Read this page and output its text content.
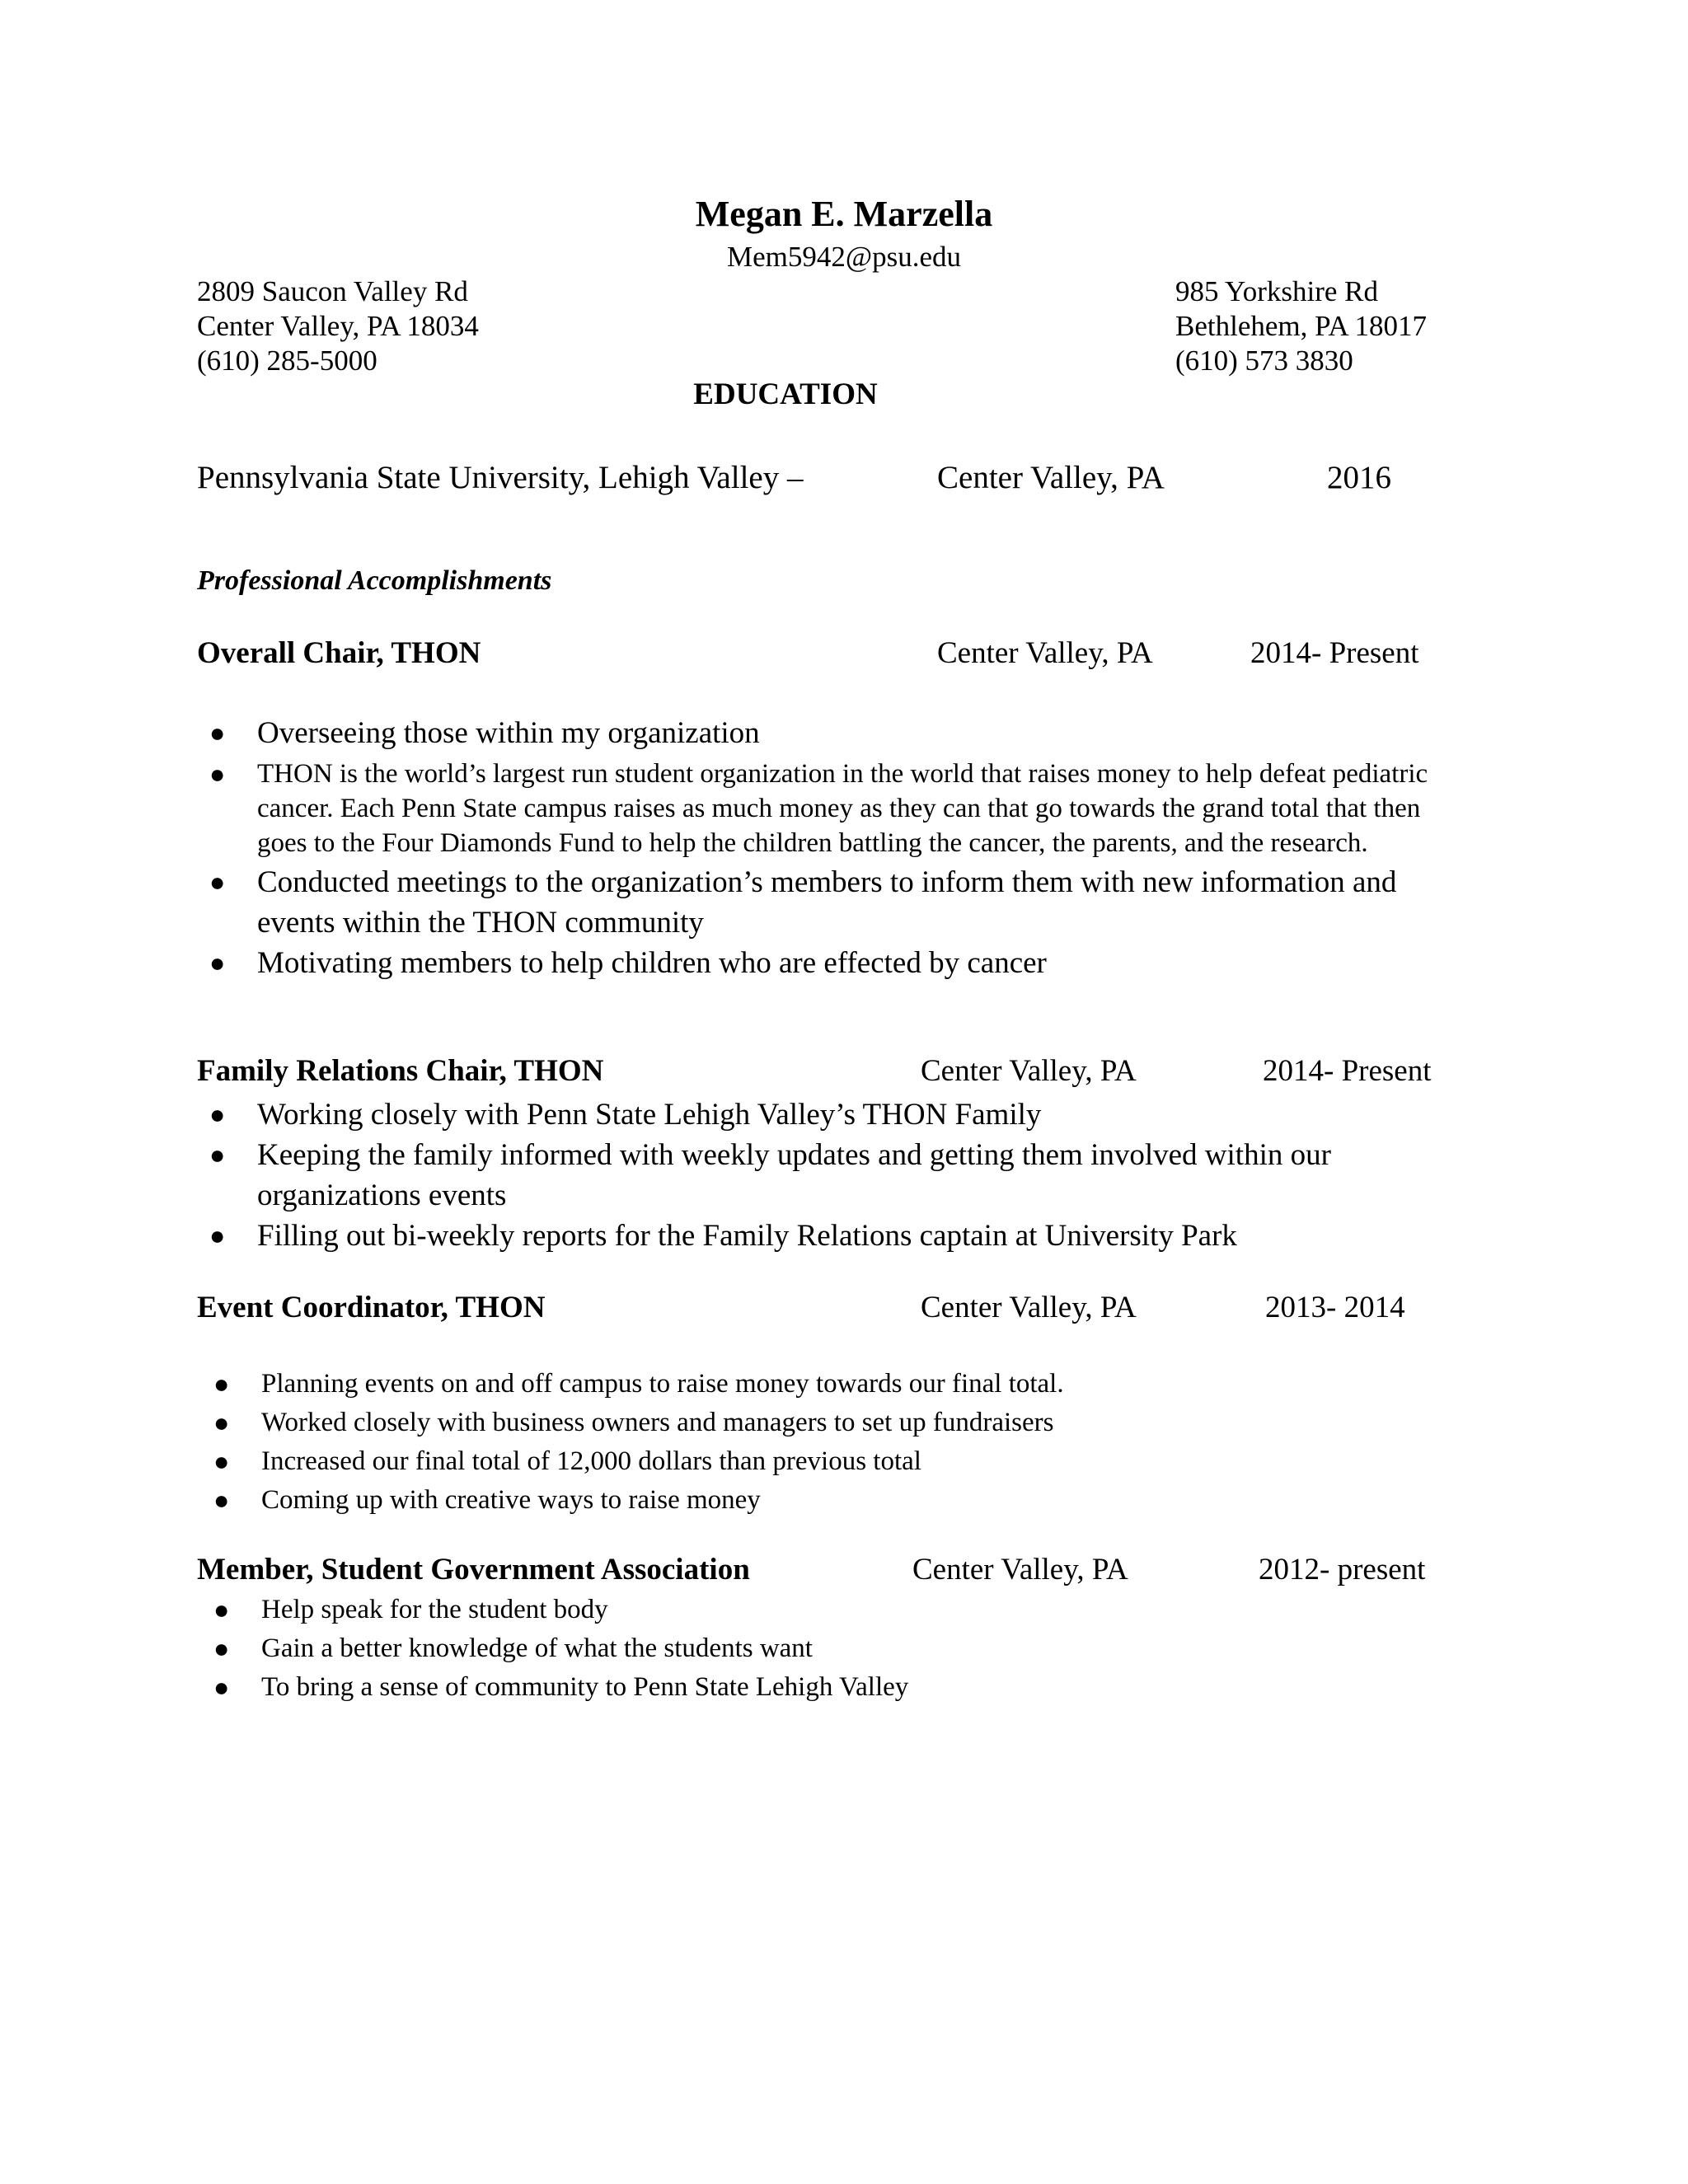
Megan E. Marzella
Mem5942@psu.edu
2809 Saucon Valley Rd
Center Valley, PA 18034
(610) 285-5000
985 Yorkshire Rd
Bethlehem, PA 18017
(610) 573 3830
EDUCATION
Pennsylvania State University, Lehigh Valley –	Center Valley, PA	2016
Professional Accomplishments
Overall Chair, THON	Center Valley, PA	2014- Present
● Overseeing those within my organization
● THON is the world’s largest run student organization in the world that raises money to help defeat pediatric cancer. Each Penn State campus raises as much money as they can that go towards the grand total that then goes to the Four Diamonds Fund to help the children battling the cancer, the parents, and the research.
● Conducted meetings to the organization’s members to inform them with new information and events within the THON community
● Motivating members to help children who are effected by cancer
Family Relations Chair, THON	Center Valley, PA	2014- Present
● Working closely with Penn State Lehigh Valley’s THON Family
● Keeping the family informed with weekly updates and getting them involved within our organizations events
● Filling out bi-weekly reports for the Family Relations captain at University Park
Event Coordinator, THON	Center Valley, PA	2013- 2014
● Planning events on and off campus to raise money towards our final total.
● Worked closely with business owners and managers to set up fundraisers
● Increased our final total of 12,000 dollars than previous total
● Coming up with creative ways to raise money
Member, Student Government Association	Center Valley, PA	2012- present
● Help speak for the student body
● Gain a better knowledge of what the students want
● To bring a sense of community to Penn State Lehigh Valley
